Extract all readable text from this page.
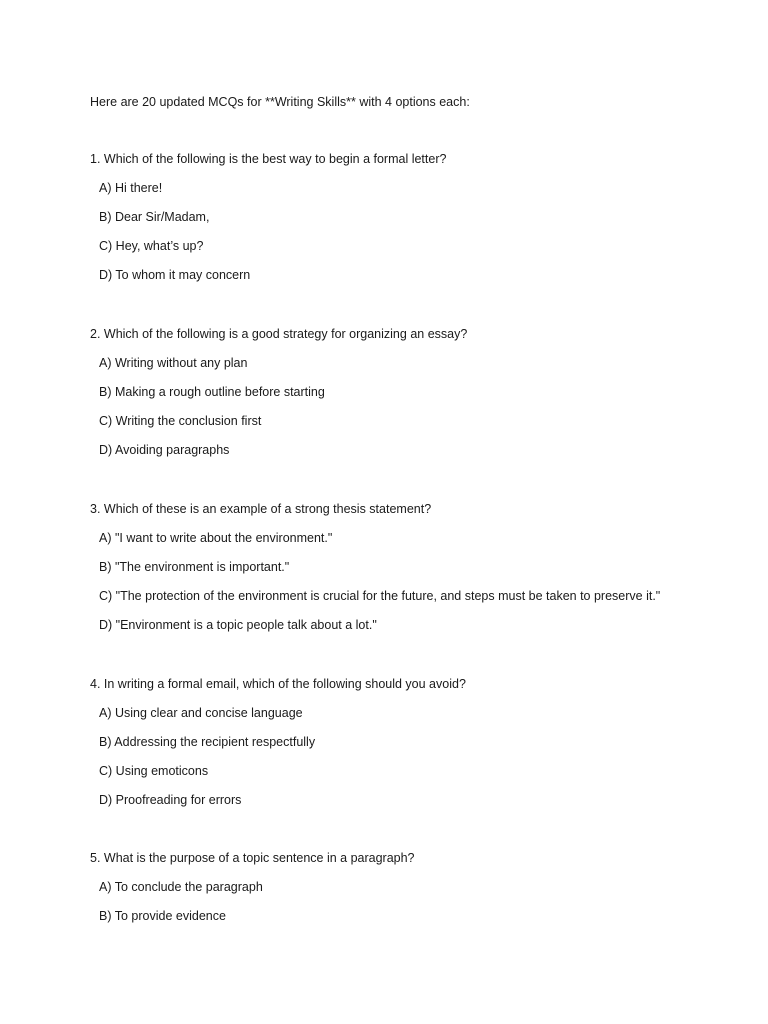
Here are 20 updated MCQs for **Writing Skills** with 4 options each:
1. Which of the following is the best way to begin a formal letter?
A) Hi there!
B) Dear Sir/Madam,
C) Hey, what’s up?
D) To whom it may concern
2. Which of the following is a good strategy for organizing an essay?
A) Writing without any plan
B) Making a rough outline before starting
C) Writing the conclusion first
D) Avoiding paragraphs
3. Which of these is an example of a strong thesis statement?
A) "I want to write about the environment."
B) "The environment is important."
C) "The protection of the environment is crucial for the future, and steps must be taken to preserve it."
D) "Environment is a topic people talk about a lot."
4. In writing a formal email, which of the following should you avoid?
A) Using clear and concise language
B) Addressing the recipient respectfully
C) Using emoticons
D) Proofreading for errors
5. What is the purpose of a topic sentence in a paragraph?
A) To conclude the paragraph
B) To provide evidence
